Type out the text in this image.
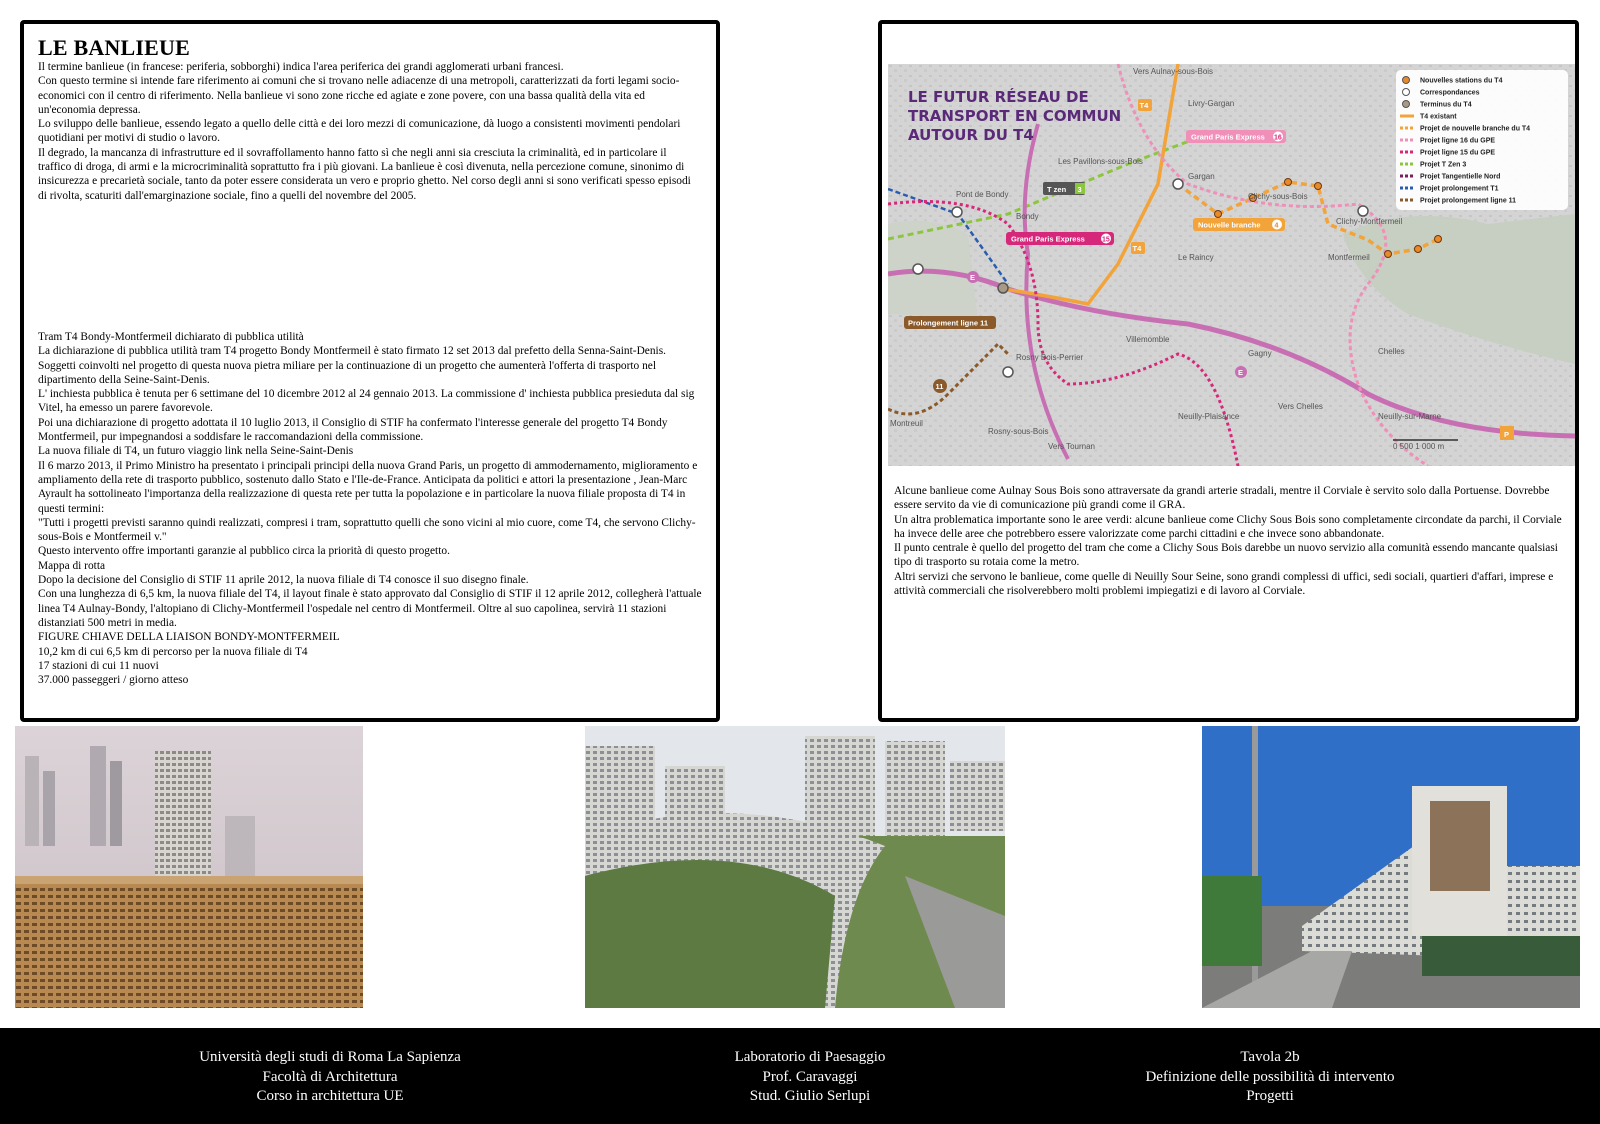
LE BANLIEUE

Il termine banlieue (in francese: periferia, sobborghi) indica l'area periferica dei grandi agglomerati urbani francesi.

Con questo termine si intende fare riferimento ai comuni che si trovano nelle adiacenze di una metropoli, caratterizzati da forti legami socio-economici con il centro di riferimento. Nella banlieue vi sono zone ricche ed agiate e zone povere, con una bassa qualità della vita ed un'economia depressa.

Lo sviluppo delle banlieue, essendo legato a quello delle città e dei loro mezzi di comunicazione, dà luogo a consistenti movimenti pendolari quotidiani per motivi di studio o lavoro.

Il degrado, la mancanza di infrastrutture ed il sovraffollamento hanno fatto sì che negli anni sia cresciuta la criminalità, ed in particolare il traffico di droga, di armi e la microcriminalità soprattutto fra i più giovani. La banlieue è così divenuta, nella percezione comune, sinonimo di insicurezza e precarietà sociale, tanto da poter essere considerata un vero e proprio ghetto. Nel corso degli anni si sono verificati spesso episodi di rivolta, scaturiti dall'emarginazione sociale, fino a quelli del novembre del 2005.

Tram T4 Bondy-Montfermeil dichiarato di pubblica utilità

La dichiarazione di pubblica utilità tram T4 progetto Bondy Montfermeil è stato firmato 12 set 2013 dal prefetto della Senna-Saint-Denis.

Soggetti coinvolti nel progetto di questa nuova pietra miliare per la continuazione di un progetto che aumenterà l'offerta di trasporto nel dipartimento della Seine-Saint-Denis.

L' inchiesta pubblica è tenuta per 6 settimane del 10 dicembre 2012 al 24 gennaio 2013. La commissione d' inchiesta pubblica presieduta dal sig Vitel, ha emesso un parere favorevole.

Poi una dichiarazione di progetto adottata il 10 luglio 2013, il Consiglio di STIF ha confermato l'interesse generale del progetto T4 Bondy Montfermeil, pur impegnandosi a soddisfare le raccomandazioni della commissione.

La nuova filiale di T4, un futuro viaggio link nella Seine-Saint-Denis

Il 6 marzo 2013, il Primo Ministro ha presentato i principali principi della nuova Grand Paris, un progetto di ammodernamento, miglioramento e ampliamento della rete di trasporto pubblico, sostenuto dallo Stato e l'Ile-de-France. Anticipata da politici e attori la presentazione , Jean-Marc Ayrault ha sottolineato l'importanza della realizzazione di questa rete per tutta la popolazione e in particolare la nuova filiale proposta di T4 in questi termini:

"Tutti i progetti previsti saranno quindi realizzati, compresi i tram, soprattutto quelli che sono vicini al mio cuore, come T4, che servono Clichy-sous-Bois e Montfermeil v."

Questo intervento offre importanti garanzie al pubblico circa la priorità di questo progetto.

Mappa di rotta

Dopo la decisione del Consiglio di STIF 11 aprile 2012, la nuova filiale di T4 conosce il suo disegno finale.

Con una lunghezza di 6,5 km, la nuova filiale del T4, il layout finale è stato approvato dal Consiglio di STIF il 12 aprile 2012, collegherà l'attuale linea T4 Aulnay-Bondy, l'altopiano di Clichy-Montfermeil l'ospedale nel centro di Montfermeil. Oltre al suo capolinea, servirà 11 stazioni distanziati 500 metri in media.

FIGURE CHIAVE DELLA LIAISON BONDY-MONTFERMEIL

10,2 km di cui 6,5 km di percorso per la nuova filiale di T4

17 stazioni di cui 11 nuovi

37.000 passeggeri / giorno atteso

LE FUTUR RÉSEAU DE
TRANSPORT EN COMMUN
AUTOUR DU T4
Vers Aulnay-sous-Bois
Livry-Gargan
Gargan
Les Pavillons-sous-Bois
Pont de Bondy
Bondy
Clichy-sous-Bois
Clichy-Montfermeil
Montfermeil
Le Raincy
Villemomble
Rosny Bois-Perrier	Gagny	Chelles
Neuilly-Plaisance	Neuilly-sur-Marne
Rosny-sous-Bois
Montreuil
Vers Chelles
Vers Tournan
Grand Paris Express 16
Grand Paris Express 15
T zen 3
Nouvelle branche 4
Prolongement ligne 11
11
T4
T4
E
E
P
0 500 1 000 m
Nouvelles stations du T4
Correspondances
Terminus du T4
T4 existant
Projet de nouvelle branche du T4
Projet ligne 16 du GPE
Projet ligne 15 du GPE
Projet T Zen 3
Projet Tangentielle Nord
Projet prolongement T1
Projet prolongement ligne 11

Alcune banlieue come Aulnay Sous Bois sono attraversate da grandi arterie stradali, mentre il Corviale è servito solo dalla Portuense. Dovrebbe essere servito da vie di comunicazione più grandi come il GRA.

Un altra problematica importante sono le aree verdi: alcune banlieue come Clichy Sous Bois sono completamente circondate da parchi, il Corviale ha invece delle aree che potrebbero essere valorizzate come parchi cittadini e che invece sono abbandonate.

Il punto centrale è quello del progetto del tram che come a Clichy Sous Bois darebbe un nuovo servizio alla comunità essendo mancante qualsiasi tipo di trasporto su rotaia come la metro.

Altri servizi che servono le banlieue, come quelle di Neuilly Sour Seine, sono grandi complessi di uffici, sedi sociali, quartieri d'affari, imprese e attività commerciali che risolverebbero molti problemi impiegatizi e di lavoro al Corviale.

Università degli studi di Roma La Sapienza
Facoltà di Architettura
Corso in architettura UE
Laboratorio di Paesaggio
Prof. Caravaggi
Stud. Giulio Serlupi
Tavola 2b
Definizione delle possibilità di intervento
Progetti
